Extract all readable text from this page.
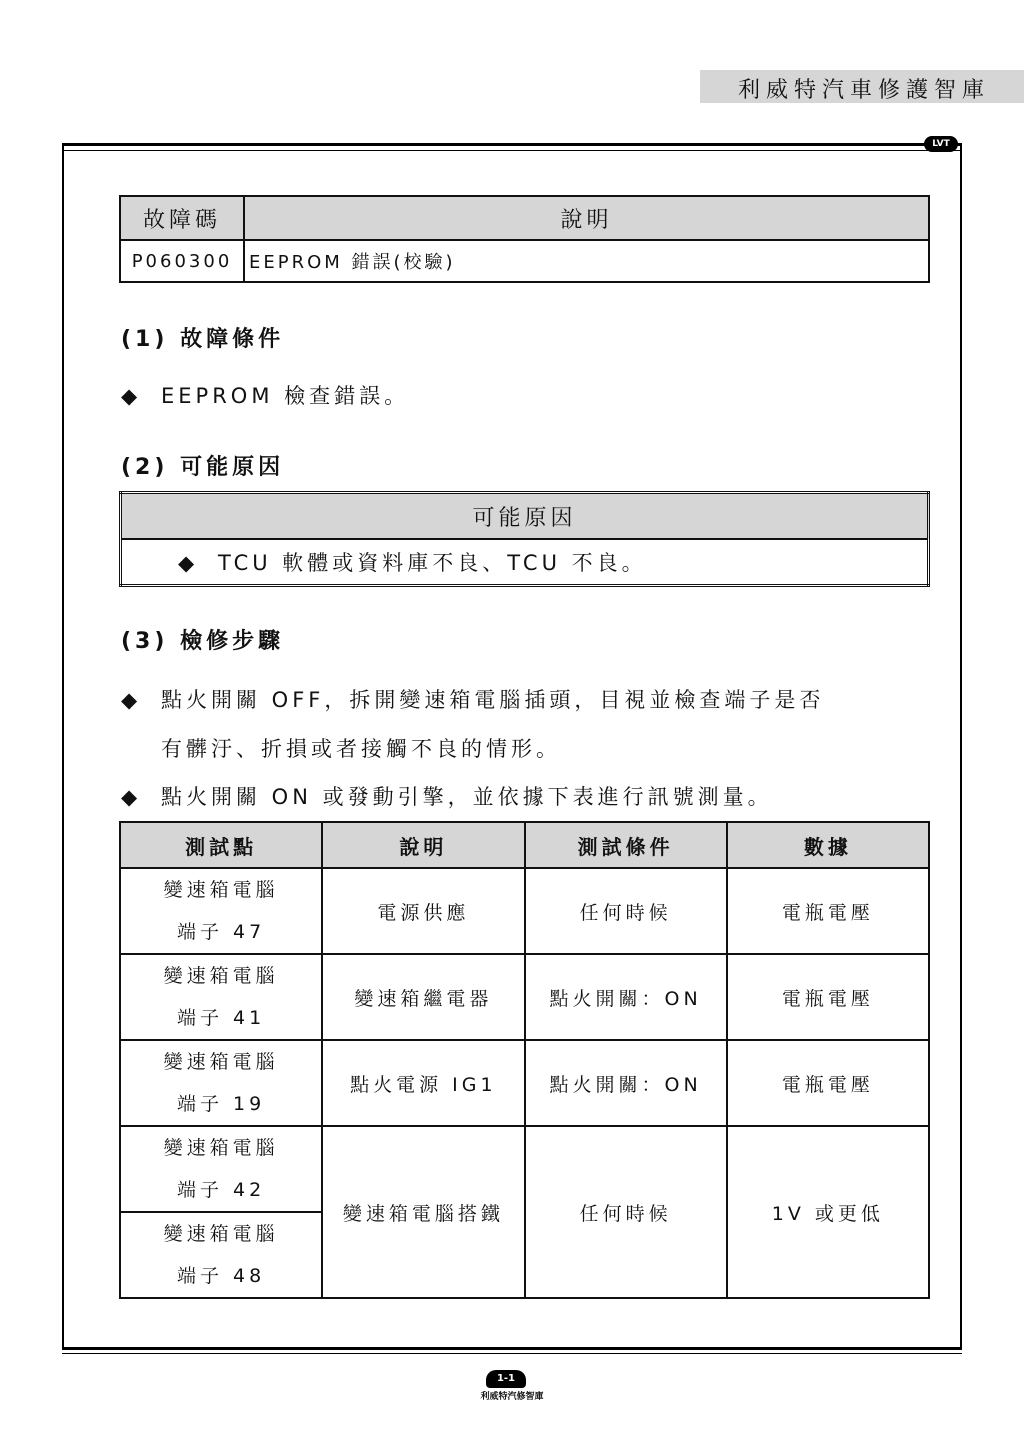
利威特汽車修護智庫
LVT
故障碼	說明
P060300	EEPROM 錯誤(校驗)
(1) 故障條件
◆ EEPROM 檢查錯誤。
(2) 可能原因
可能原因
◆ TCU 軟體或資料庫不良、TCU 不良。
(3) 檢修步驟
◆ 點火開關 OFF，拆開變速箱電腦插頭，目視並檢查端子是否
有髒汙、折損或者接觸不良的情形。
◆ 點火開關 ON 或發動引擎，並依據下表進行訊號測量。
測試點	說明	測試條件	數據

變速箱電腦
端子 47	電源供應	任何時候	電瓶電壓

變速箱電腦
端子 41	變速箱繼電器	點火開關：ON	電瓶電壓

變速箱電腦
端子 19	點火電源 IG1	點火開關：ON	電瓶電壓

變速箱電腦
端子 42	變速箱電腦搭鐵	任何時候	1V 或更低

變速箱電腦
端子 48			
1-1
利威特汽修智庫
